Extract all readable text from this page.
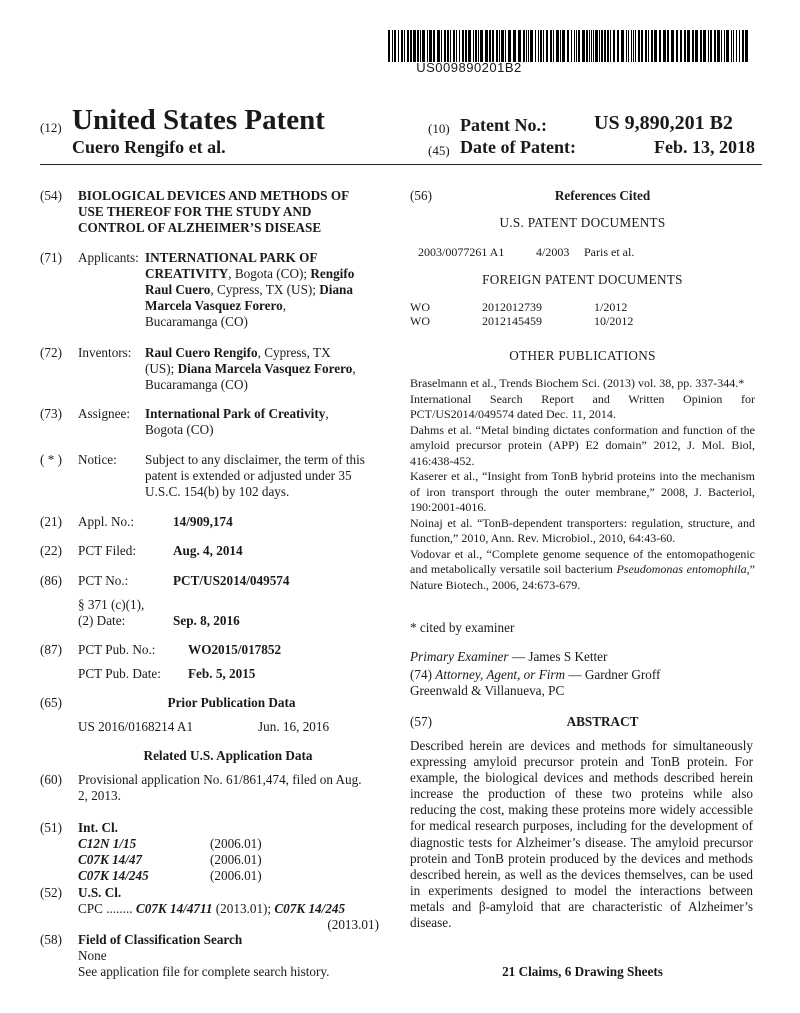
US009890201B2
(12) United States Patent
Cuero Rengifo et al.
(10) Patent No.: US 9,890,201 B2
(45) Date of Patent:	Feb. 13, 2018
(54)	BIOLOGICAL DEVICES AND METHODS OF
USE THEREOF FOR THE STUDY AND
CONTROL OF ALZHEIMER’S DISEASE
(71)	Applicants: INTERNATIONAL PARK OF
CREATIVITY, Bogota (CO); Rengifo
Raul Cuero, Cypress, TX (US); Diana
Marcela Vasquez Forero,
Bucaramanga (CO)
(72)	Inventors: Raul Cuero Rengifo, Cypress, TX
(US); Diana Marcela Vasquez Forero,
Bucaramanga (CO)
(73)	Assignee: International Park of Creativity,
Bogota (CO)
( * )	Notice: Subject to any disclaimer, the term of this
patent is extended or adjusted under 35
U.S.C. 154(b) by 102 days.
(21)	Appl. No.:	14/909,174
(22)	PCT Filed:	Aug. 4, 2014
(86)	PCT No.:	PCT/US2014/049574
§ 371 (c)(1),
(2) Date:	Sep. 8, 2016
(87)	PCT Pub. No.: WO2015/017852
PCT Pub. Date: Feb. 5, 2015
(65)	Prior Publication Data
US 2016/0168214 A1	Jun. 16, 2016
Related U.S. Application Data
(60)	Provisional application No. 61/861,474, filed on Aug.
2, 2013.
(51)	Int. Cl.
C12N 1/15	(2006.01)
C07K 14/47	(2006.01)
C07K 14/245	(2006.01)
(52)	U.S. Cl.
CPC ........ C07K 14/4711 (2013.01); C07K 14/245
(2013.01)
(58)	Field of Classification Search
None
See application file for complete search history.
(56)	References Cited
U.S. PATENT DOCUMENTS
2003/0077261 A1	4/2003	Paris et al.
FOREIGN PATENT DOCUMENTS
WO	2012012739	1/2012
WO	2012145459	10/2012
OTHER PUBLICATIONS

Braselmann et al., Trends Biochem Sci. (2013) vol. 38, pp. 337-344.*

International Search Report and Written Opinion for PCT/US2014/049574 dated Dec. 11, 2014.

Dahms et al. “Metal binding dictates conformation and function of the amyloid precursor protein (APP) E2 domain” 2012, J. Mol. Biol, 416:438-452.

Kaserer et al., “Insight from TonB hybrid proteins into the mechanism of iron transport through the outer membrane,” 2008, J. Bacteriol, 190:2001-4016.

Noinaj et al. “TonB-dependent transporters: regulation, structure, and function,” 2010, Ann. Rev. Microbiol., 2010, 64:43-60.

Vodovar et al., “Complete genome sequence of the entomopathogenic and metabolically versatile soil bacterium Pseudomonas entomophila,” Nature Biotech., 2006, 24:673-679.

* cited by examiner
Primary Examiner — James S Ketter
(74) Attorney, Agent, or Firm — Gardner Groff
Greenwald & Villanueva, PC
(57)	ABSTRACT
Described herein are devices and methods for simultaneously expressing amyloid precursor protein and TonB protein. For example, the biological devices and methods described herein increase the production of these two proteins while also reducing the cost, making these proteins more widely accessible for medical research purposes, including for the development of diagnostic tests for Alzheimer’s disease. The amyloid precursor protein and TonB protein produced by the devices and methods described herein, as well as the devices themselves, can be used in experiments designed to model the interactions between metals and β-amyloid that are characteristic of Alzheimer’s disease.
21 Claims, 6 Drawing Sheets
